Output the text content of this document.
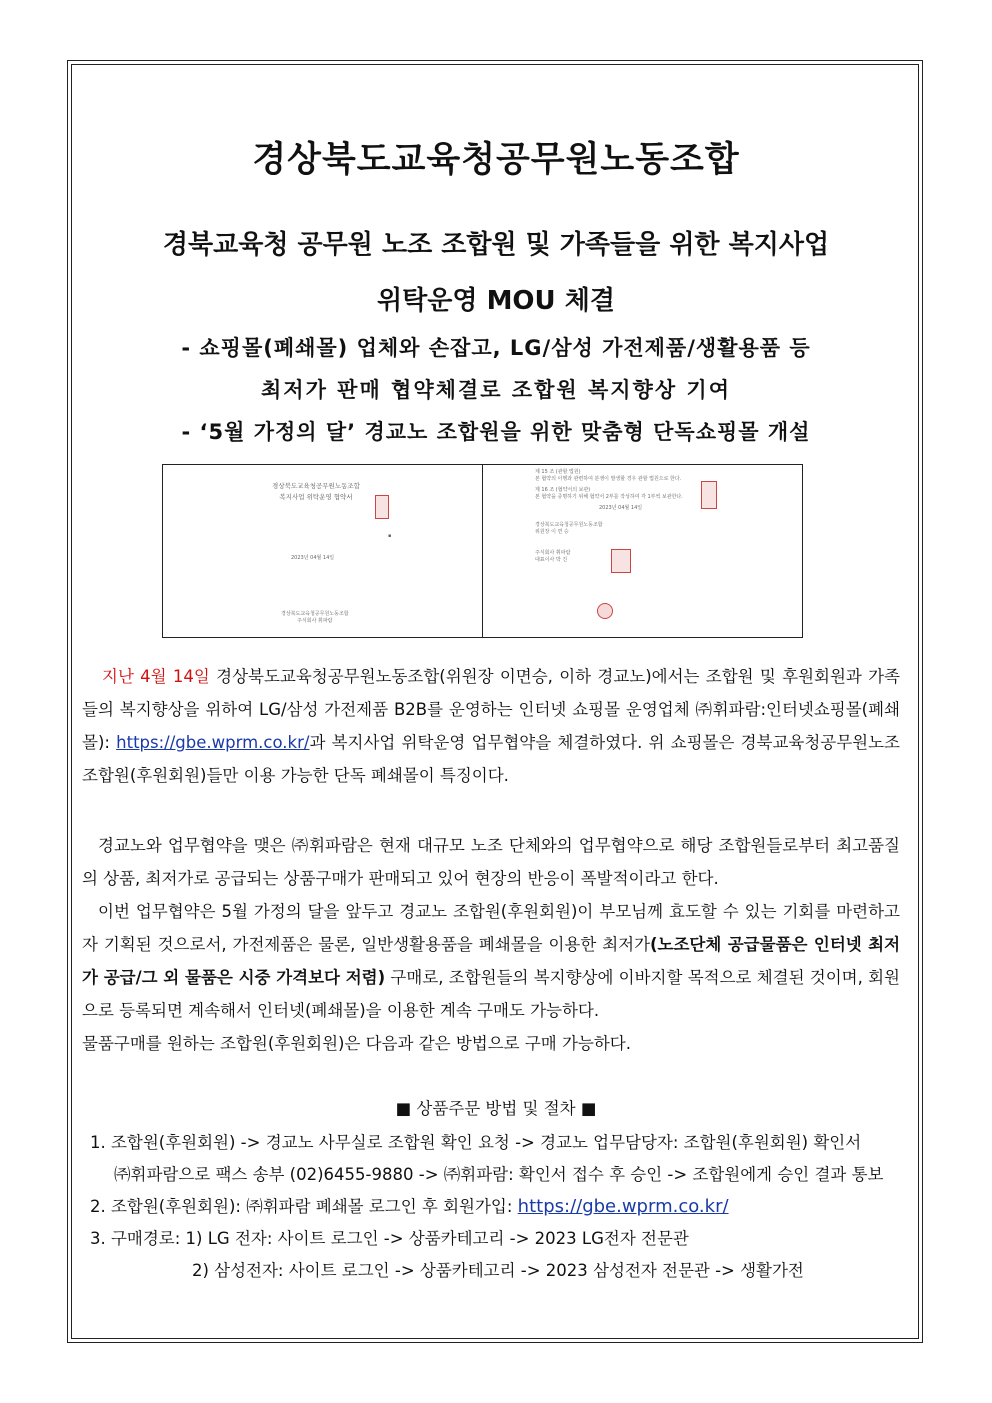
경상북도교육청공무원노동조합
경북교육청 공무원 노조 조합원 및 가족들을 위한 복지사업
위탁운영 MOU 체결
- 쇼핑몰(폐쇄몰) 업체와 손잡고, LG/삼성 가전제품/생활용품 등
최저가 판매 협약체결로 조합원 복지향상 기여
- ‘5월 가정의 달’ 경교노 조합원을 위한 맞춤형 단독쇼핑몰 개설
경상북도교육청공무원노동조합
복지사업 위탁운영 협약서
▪
2023년 04월 14일
경상북도교육청공무원노동조합
주식회사 휘파람
제 15 조 (관할 법원)
본 협약의 이행과 관련하여 분쟁이 발생할 경우 관할 법원으로 한다.
제 16 조 (협약서의 보관)
본 협약을 증명하기 위해 협약서 2부를 작성하여 각 1부씩 보관한다.
2023년 04월 14일
경상북도교육청공무원노동조합
위원장 이 면 승
주식회사 휘파람
대표이사 박 진
지난 4월 14일 경상북도교육청공무원노동조합(위원장 이면승, 이하 경교노)에서는 조합원 및 후원회원과 가족들의 복지향상을 위하여 LG/삼성 가전제품 B2B를 운영하는 인터넷 쇼핑몰 운영업체 ㈜휘파람:인터넷쇼핑몰(폐쇄몰): https://gbe.wprm.co.kr/과 복지사업 위탁운영 업무협약을 체결하였다. 위 쇼핑몰은 경북교육청공무원노조 조합원(후원회원)들만 이용 가능한 단독 폐쇄몰이 특징이다.
경교노와 업무협약을 맺은 ㈜휘파람은 현재 대규모 노조 단체와의 업무협약으로 해당 조합원들로부터 최고품질의 상품, 최저가로 공급되는 상품구매가 판매되고 있어 현장의 반응이 폭발적이라고 한다.
이번 업무협약은 5월 가정의 달을 앞두고 경교노 조합원(후원회원)이 부모님께 효도할 수 있는 기회를 마련하고자 기획된 것으로서, 가전제품은 물론, 일반생활용품을 폐쇄몰을 이용한 최저가(노조단체 공급물품은 인터넷 최저가 공급/그 외 물품은 시중 가격보다 저렴) 구매로, 조합원들의 복지향상에 이바지할 목적으로 체결된 것이며, 회원으로 등록되면 계속해서 인터넷(폐쇄몰)을 이용한 계속 구매도 가능하다.
물품구매를 원하는 조합원(후원회원)은 다음과 같은 방법으로 구매 가능하다.
■ 상품주문 방법 및 절차 ■
1. 조합원(후원회원) -> 경교노 사무실로 조합원 확인 요청 -> 경교노 업무담당자: 조합원(후원회원) 확인서
㈜휘파람으로 팩스 송부 (02)6455-9880 -> ㈜휘파람: 확인서 접수 후 승인 -> 조합원에게 승인 결과 통보
2. 조합원(후원회원): ㈜휘파람 폐쇄몰 로그인 후 회원가입: https://gbe.wprm.co.kr/
3. 구매경로: 1) LG 전자: 사이트 로그인 -> 상품카테고리 -> 2023 LG전자 전문관
2) 삼성전자: 사이트 로그인 -> 상품카테고리 -> 2023 삼성전자 전문관 -> 생활가전
